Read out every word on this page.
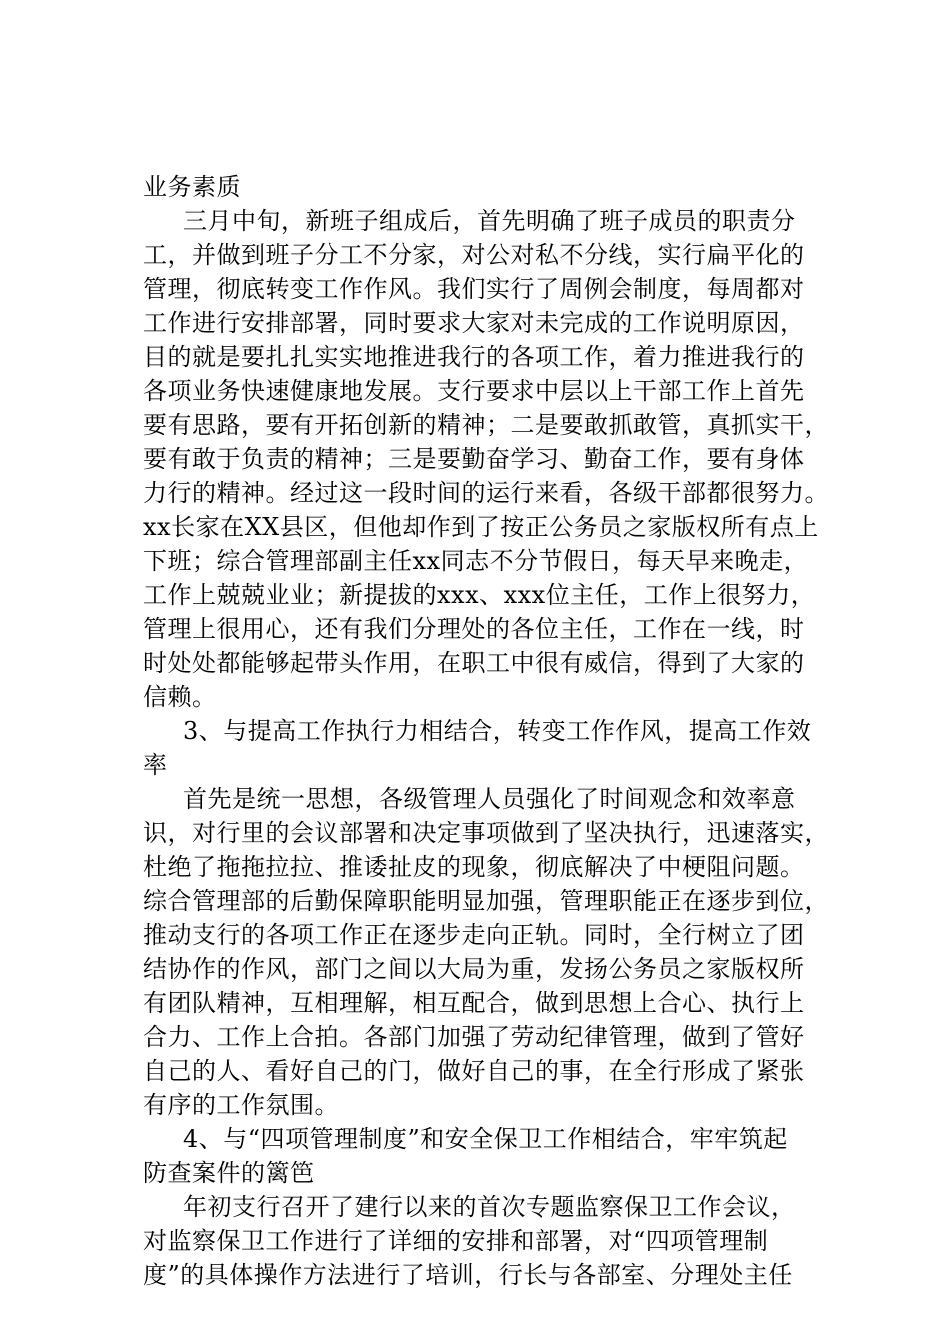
业务素质
三月中旬，新班子组成后，首先明确了班子成员的职责分
工，并做到班子分工不分家，对公对私不分线，实行扁平化的
管理，彻底转变工作作风。我们实行了周例会制度，每周都对
工作进行安排部署，同时要求大家对未完成的工作说明原因，
目的就是要扎扎实实地推进我行的各项工作，着力推进我行的
各项业务快速健康地发展。支行要求中层以上干部工作上首先
要有思路，要有开拓创新的精神；二是要敢抓敢管，真抓实干，
要有敢于负责的精神；三是要勤奋学习、勤奋工作，要有身体
力行的精神。经过这一段时间的运行来看，各级干部都很努力。
xx长家在XX县区，但他却作到了按正公务员之家版权所有点上
下班；综合管理部副主任xx同志不分节假日，每天早来晚走，
工作上兢兢业业；新提拔的xxx、xxx位主任，工作上很努力，
管理上很用心，还有我们分理处的各位主任，工作在一线，时
时处处都能够起带头作用，在职工中很有威信，得到了大家的
信赖。
3、与提高工作执行力相结合，转变工作作风，提高工作效
率
首先是统一思想，各级管理人员强化了时间观念和效率意
识，对行里的会议部署和决定事项做到了坚决执行，迅速落实，
杜绝了拖拖拉拉、推诿扯皮的现象，彻底解决了中梗阻问题。
综合管理部的后勤保障职能明显加强，管理职能正在逐步到位，
推动支行的各项工作正在逐步走向正轨。同时，全行树立了团
结协作的作风，部门之间以大局为重，发扬公务员之家版权所
有团队精神，互相理解，相互配合，做到思想上合心、执行上
合力、工作上合拍。各部门加强了劳动纪律管理，做到了管好
自己的人、看好自己的门，做好自己的事，在全行形成了紧张
有序的工作氛围。
4、与“四项管理制度”和安全保卫工作相结合，牢牢筑起
防查案件的篱笆
年初支行召开了建行以来的首次专题监察保卫工作会议，
对监察保卫工作进行了详细的安排和部署，对“四项管理制
度”的具体操作方法进行了培训，行长与各部室、分理处主任
